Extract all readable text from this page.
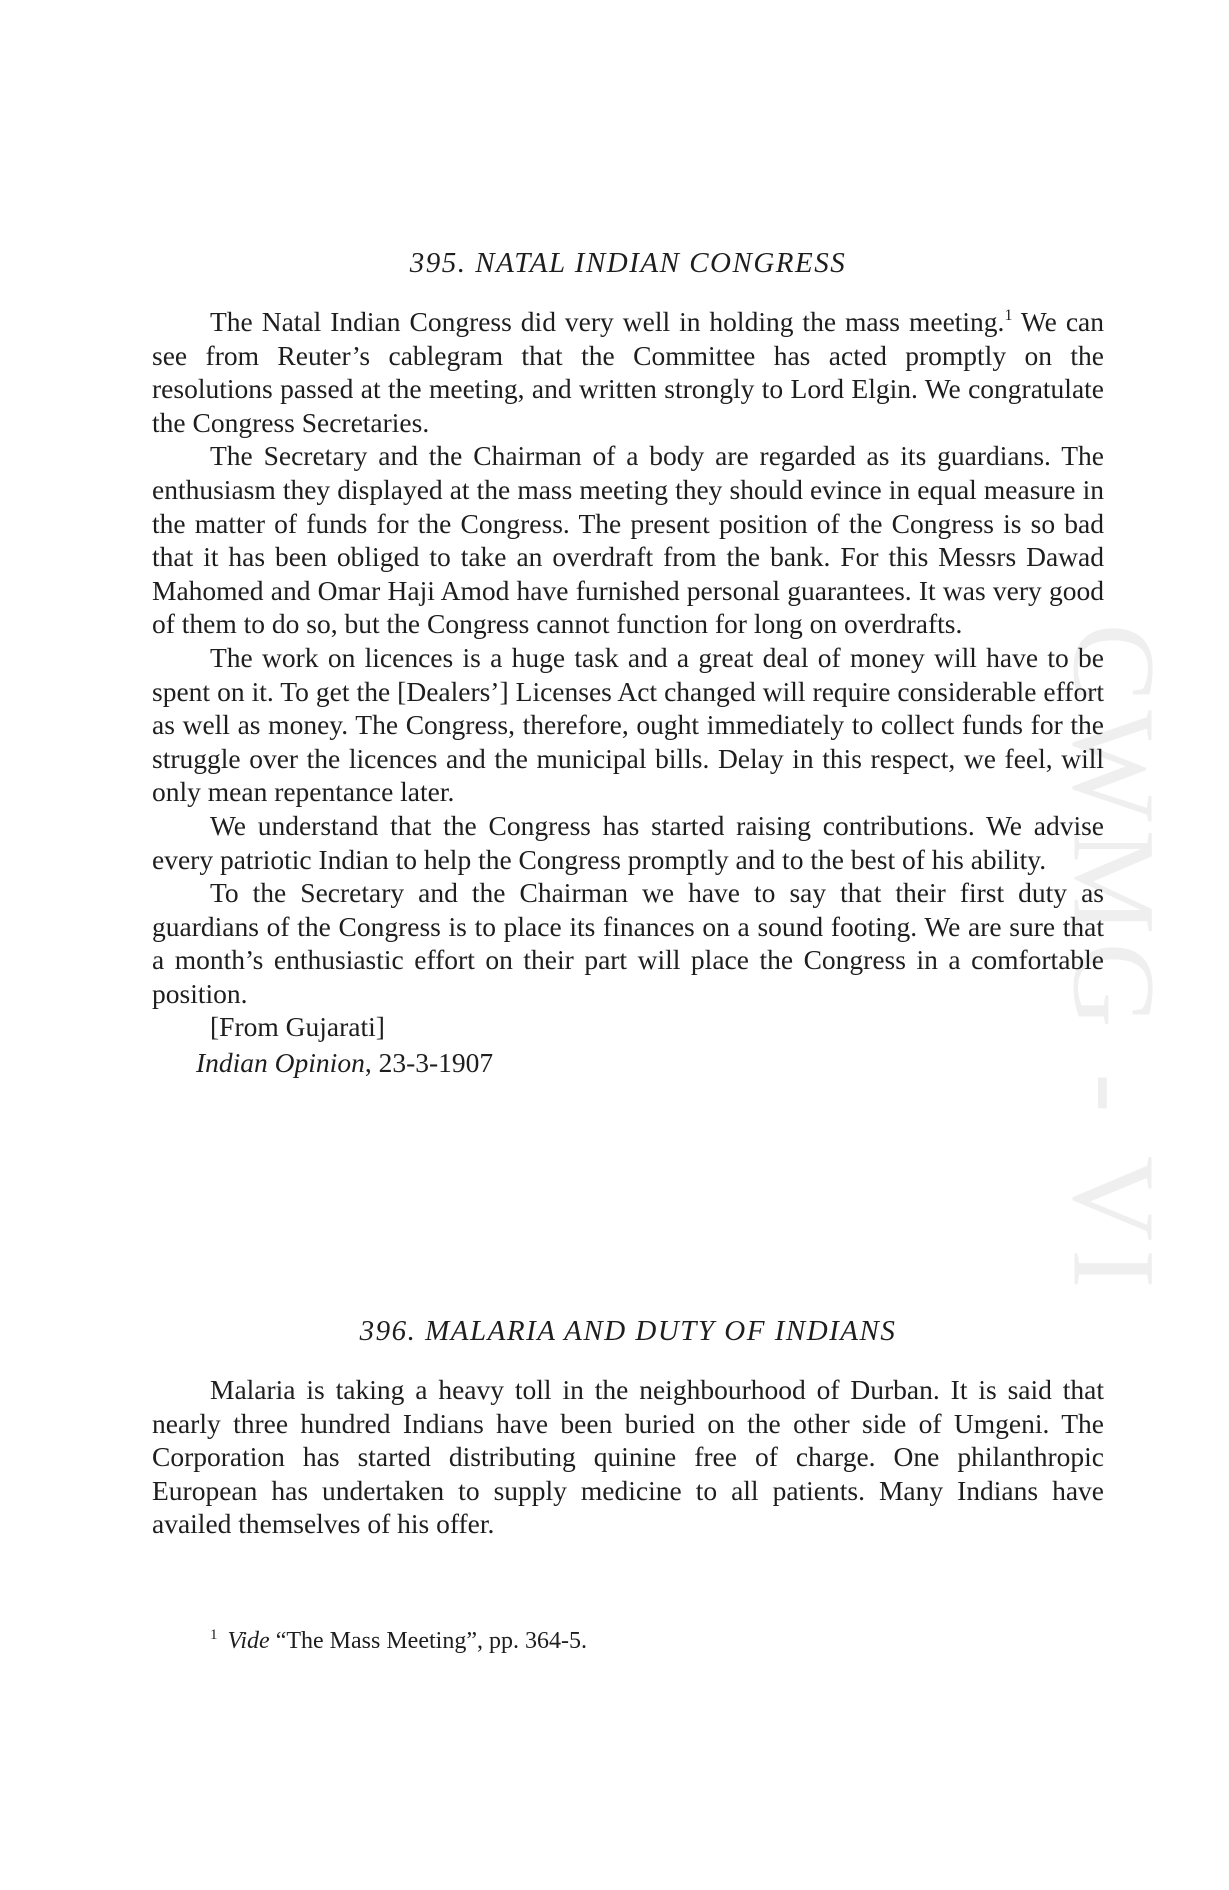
CWMG - VI
395. NATAL INDIAN CONGRESS

The Natal Indian Congress did very well in holding the mass meeting.$^1$ We can see from Reuter’s cablegram that the Committee has acted promptly on the resolutions passed at the meeting, and written strongly to Lord Elgin. We congratulate the Congress Secretaries.

The Secretary and the Chairman of a body are regarded as its guardians. The enthusiasm they displayed at the mass meeting they should evince in equal measure in the matter of funds for the Congress. The present position of the Congress is so bad that it has been obliged to take an overdraft from the bank. For this Messrs Dawad Mahomed and Omar Haji Amod have furnished personal guarantees. It was very good of them to do so, but the Congress cannot function for long on overdrafts.

The work on licences is a huge task and a great deal of money will have to be spent on it. To get the [Dealers’] Licenses Act changed will require considerable effort as well as money. The Congress, therefore, ought immediately to collect funds for the struggle over the licences and the municipal bills. Delay in this respect, we feel, will only mean repentance later.

We understand that the Congress has started raising contributions. We advise every patriotic Indian to help the Congress promptly and to the best of his ability.

To the Secretary and the Chairman we have to say that their first duty as guardians of the Congress is to place its finances on a sound footing. We are sure that a month’s enthusiastic effort on their part will place the Congress in a comfortable position.

[From Gujarati]

Indian Opinion, 23-3-1907

396. MALARIA AND DUTY OF INDIANS

Malaria is taking a heavy toll in the neighbourhood of Durban. It is said that nearly three hundred Indians have been buried on the other side of Umgeni. The Corporation has started distributing quinine free of charge. One philanthropic European has undertaken to supply medicine to all patients. Many Indians have availed themselves of his offer.

$^1$ Vide “The Mass Meeting”, pp. 364-5.
